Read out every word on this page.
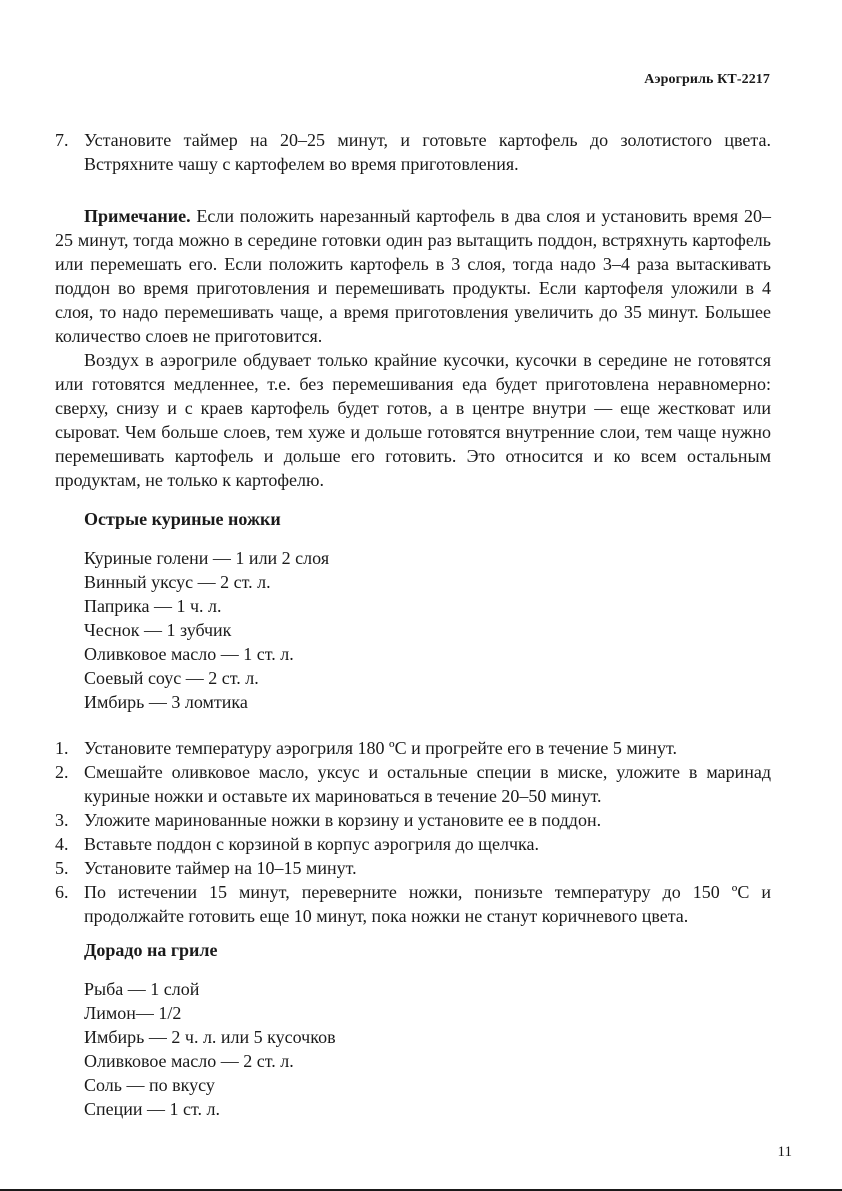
Аэрогриль КТ-2217
7. Установите таймер на 20–25 минут, и готовьте картофель до золотистого цвета. Встряхните чашу с картофелем во время приготовления.

Примечание. Если положить нарезанный картофель в два слоя и установить время 20–25 минут, тогда можно в середине готовки один раз вытащить поддон, встряхнуть картофель или перемешать его. Если положить картофель в 3 слоя, тогда надо 3–4 раза вытаскивать поддон во время приготовления и перемешивать продукты. Если картофеля уложили в 4 слоя, то надо перемешивать чаще, а время приготовления увеличить до 35 минут. Большее количество слоев не приготовится.

Воздух в аэрогриле обдувает только крайние кусочки, кусочки в середине не готовятся или готовятся медленнее, т.е. без перемешивания еда будет приготовлена неравномерно: сверху, снизу и с краев картофель будет готов, а в центре внутри — еще жестковат или сыроват. Чем больше слоев, тем хуже и дольше готовятся внутренние слои, тем чаще нужно перемешивать картофель и дольше его готовить. Это относится и ко всем остальным продуктам, не только к картофелю.

Острые куриные ножки
Куриные голени — 1 или 2 слоя
Винный уксус — 2 ст. л.
Паприка — 1 ч. л.
Чеснок — 1 зубчик
Оливковое масло — 1 ст. л.
Соевый соус — 2 ст. л.
Имбирь — 3 ломтика
1. Установите температуру аэрогриля 180 ºС и прогрейте его в течение 5 минут.
2. Смешайте оливковое масло, уксус и остальные специи в миске, уложите в маринад куриные ножки и оставьте их мариноваться в течение 20–50 минут.
3. Уложите маринованные ножки в корзину и установите ее в поддон.
4. Вставьте поддон с корзиной в корпус аэрогриля до щелчка.
5. Установите таймер на 10–15 минут.
6. По истечении 15 минут, переверните ножки, понизьте температуру до 150 ºС и продолжайте готовить еще 10 минут, пока ножки не станут коричневого цвета.
Дорадо на гриле
Рыба — 1 слой
Лимон— 1/2
Имбирь — 2 ч. л. или 5 кусочков
Оливковое масло — 2 ст. л.
Соль — по вкусу
Специи — 1 ст. л.
11
